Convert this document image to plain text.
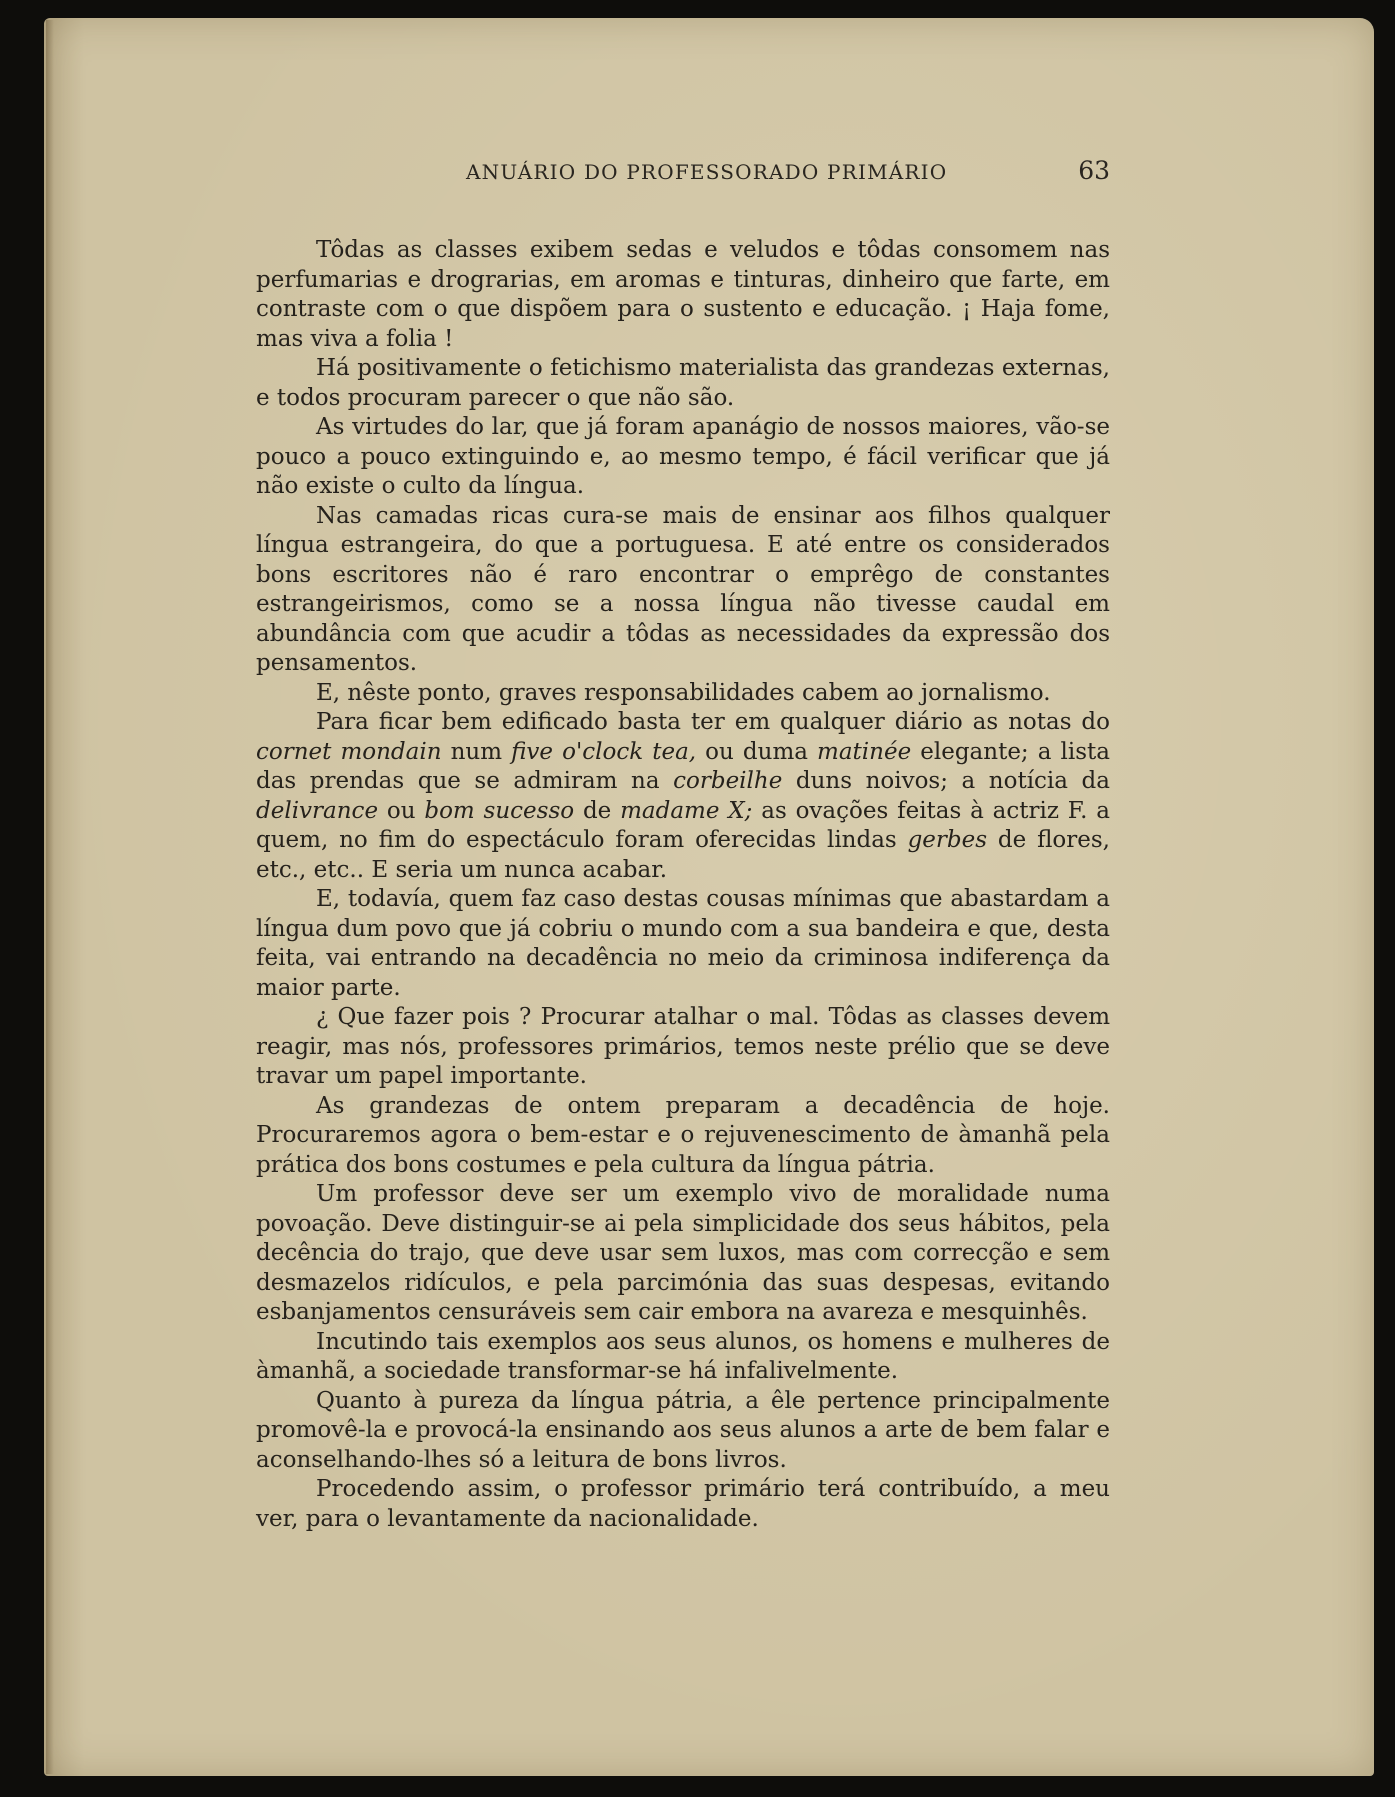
ANUÁRIO DO PROFESSORADO PRIMÁRIO	63

Tôdas as classes exibem sedas e veludos e tôdas consomem nas perfumarias e drograrias, em aromas e tinturas, dinheiro que farte, em contraste com o que dispõem para o sustento e educação. ¡ Haja fome, mas viva a folia !

Há positivamente o fetichismo materialista das grandezas externas, e todos procuram parecer o que não são.

As virtudes do lar, que já foram apanágio de nossos maiores, vão-se pouco a pouco extinguindo e, ao mesmo tempo, é fácil verificar que já não existe o culto da língua.

Nas camadas ricas cura-se mais de ensinar aos filhos qualquer língua estrangeira, do que a portuguesa. E até entre os considerados bons escritores não é raro encontrar o emprêgo de constantes estrangeirismos, como se a nossa língua não tivesse caudal em abundância com que acudir a tôdas as necessidades da expressão dos pensamentos.

E, nêste ponto, graves responsabilidades cabem ao jornalismo.

Para ficar bem edificado basta ter em qualquer diário as notas do cornet mondain num five o'clock tea, ou duma matinée elegante; a lista das prendas que se admiram na corbeilhe duns noivos; a notícia da delivrance ou bom sucesso de madame X; as ovações feitas à actriz F. a quem, no fim do espectáculo foram oferecidas lindas gerbes de flores, etc., etc.. E seria um nunca acabar.

E, todavía, quem faz caso destas cousas mínimas que abastardam a língua dum povo que já cobriu o mundo com a sua bandeira e que, desta feita, vai entrando na decadência no meio da criminosa indiferença da maior parte.

¿ Que fazer pois ? Procurar atalhar o mal. Tôdas as classes devem reagir, mas nós, professores primários, temos neste prélio que se deve travar um papel importante.

As grandezas de ontem preparam a decadência de hoje. Procuraremos agora o bem-estar e o rejuvenescimento de àmanhã pela prática dos bons costumes e pela cultura da língua pátria.

Um professor deve ser um exemplo vivo de moralidade numa povoação. Deve distinguir-se ai pela simplicidade dos seus hábitos, pela decência do trajo, que deve usar sem luxos, mas com correcção e sem desmazelos ridículos, e pela parcimónia das suas despesas, evitando esbanjamentos censuráveis sem cair embora na avareza e mesquinhês.

Incutindo tais exemplos aos seus alunos, os homens e mulheres de àmanhã, a sociedade transformar-se há infalivelmente.

Quanto à pureza da língua pátria, a êle pertence principalmente promovê-la e provocá-la ensinando aos seus alunos a arte de bem falar e aconselhando-lhes só a leitura de bons livros.

Procedendo assim, o professor primário terá contribuído, a meu ver, para o levantamente da nacionalidade.
